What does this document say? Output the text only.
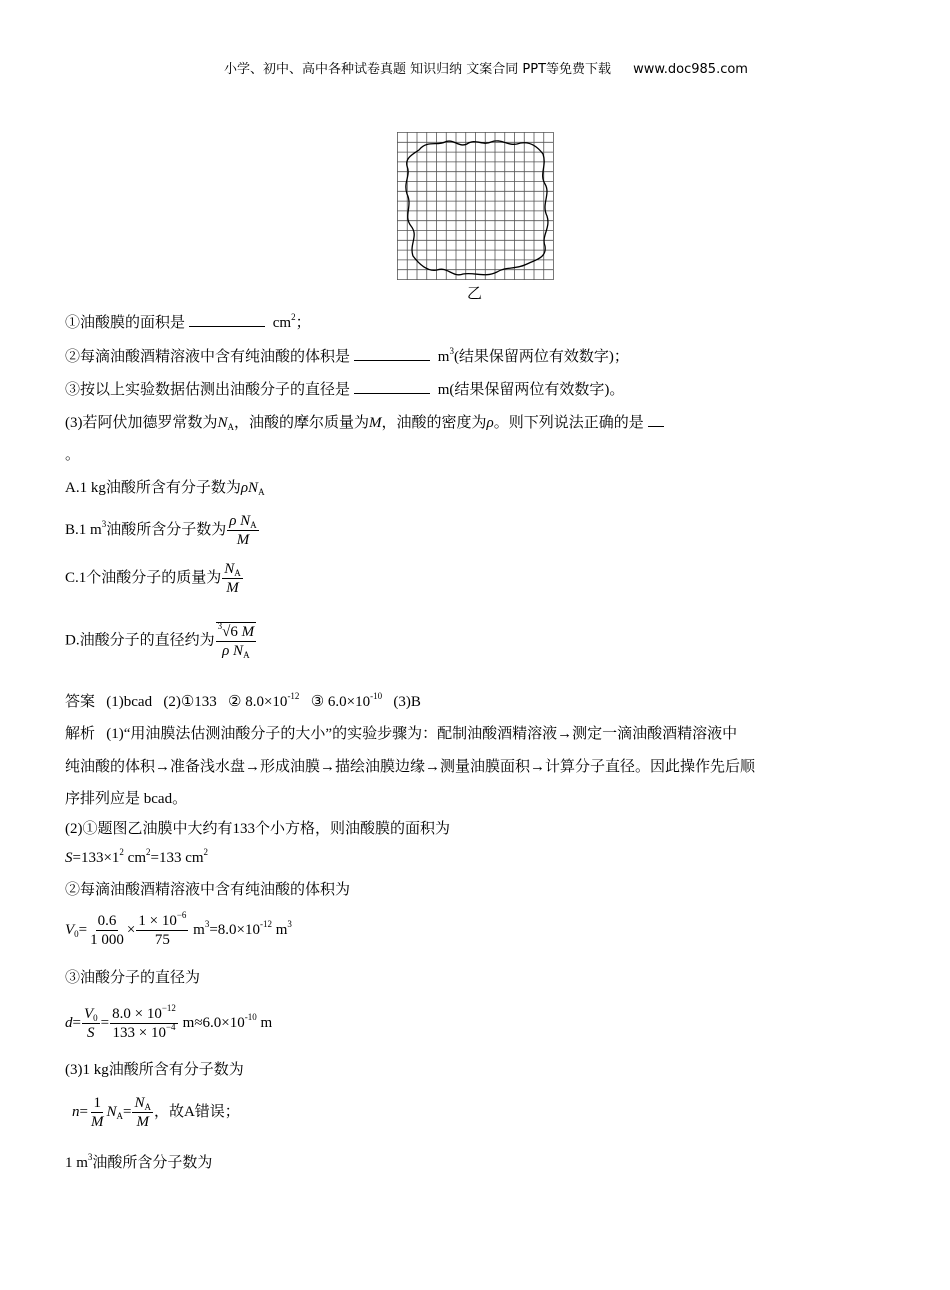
小学、初中、高中各种试卷真题 知识归纳 文案合同 PPT等免费下载 www.doc985.com
乙
①油酸膜的面积是	$cm^2$；
②每滴油酸酒精溶液中含有纯油酸的体积是	$m^3$(结果保留两位有效数字)；
③按以上实验数据估测出油酸分子的直径是	m(结果保留两位有效数字)。
(3)若阿伏加德罗常数为$N_A$，油酸的摩尔质量为M，油酸的密度为ρ。则下列说法正确的是
。
A.1 kg油酸所含有分子数为$\rho N_A$
B.1 $m^3$油酸所含分子数为 $\frac{\rho N_A}{M}$
C.1个油酸分子的质量为 $\frac{N_A}{M}$
D.油酸分子的直径约为 $\frac{^3√6 M}{\rho N_A}$
答案 (1)bcad (2)①133 ② $8.0\times 10^{-12}$ ③ $6.0\times 10^{-10}$ (3)B
解析 (1)“用油膜法估测油酸分子的大小”的实验步骤为：配制油酸酒精溶液→测定一滴油酸酒精溶液中
纯油酸的体积→准备浅水盘→形成油膜→描绘油膜边缘→测量油膜面积→计算分子直径。因此操作先后顺
序排列应是 bcad。
(2)①题图乙油膜中大约有133个小方格，则油酸膜的面积为
$S=133\times 1^2$ $cm^2=133$ $cm^2$
②每滴油酸酒精溶液中含有纯油酸的体积为
$V_0= \frac{0.6}{1 000} \times \frac{1 \times 10^{-6}}{75} m^3=8.0\times 10^{-12}$ $m^3$
③油酸分子的直径为
$d= \frac{V_0}{S} = \frac{8.0 \times 10^{-12}}{133 \times 10^{-4}} m\approx 6.0\times 10^{-10}$ m
(3)1 kg油酸所含有分子数为
$n= \frac{1}{M} N_A= \frac{N_A}{M}$ ，故A错误；
1 $m^3$油酸所含分子数为
